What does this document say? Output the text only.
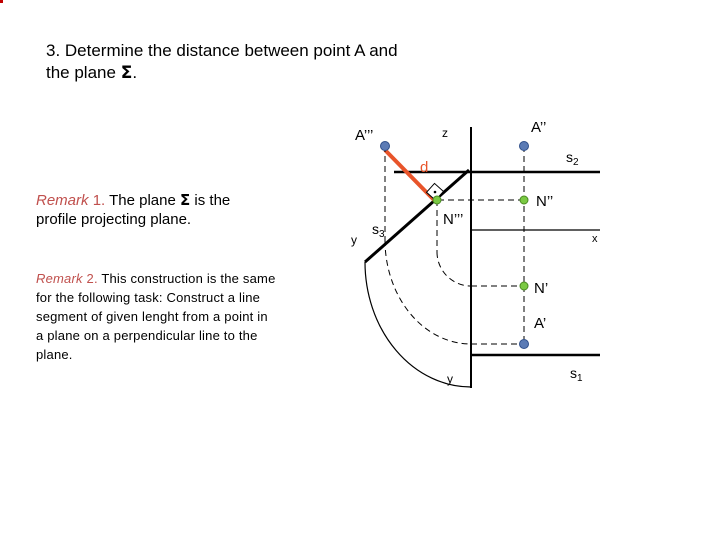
3. Determine the distance between point A and
the plane Σ.
Remark 1. The plane Σ is the profile projecting plane.
Remark 2. This construction is the same for the following task: Construct a line segment of given lenght from a point in a plane on a perpendicular line to the plane.
A’’’	A’’
A’
N’’’
N’’
N’
z
y
y
x
d
$s_2$
$s_3$
$s_1$
